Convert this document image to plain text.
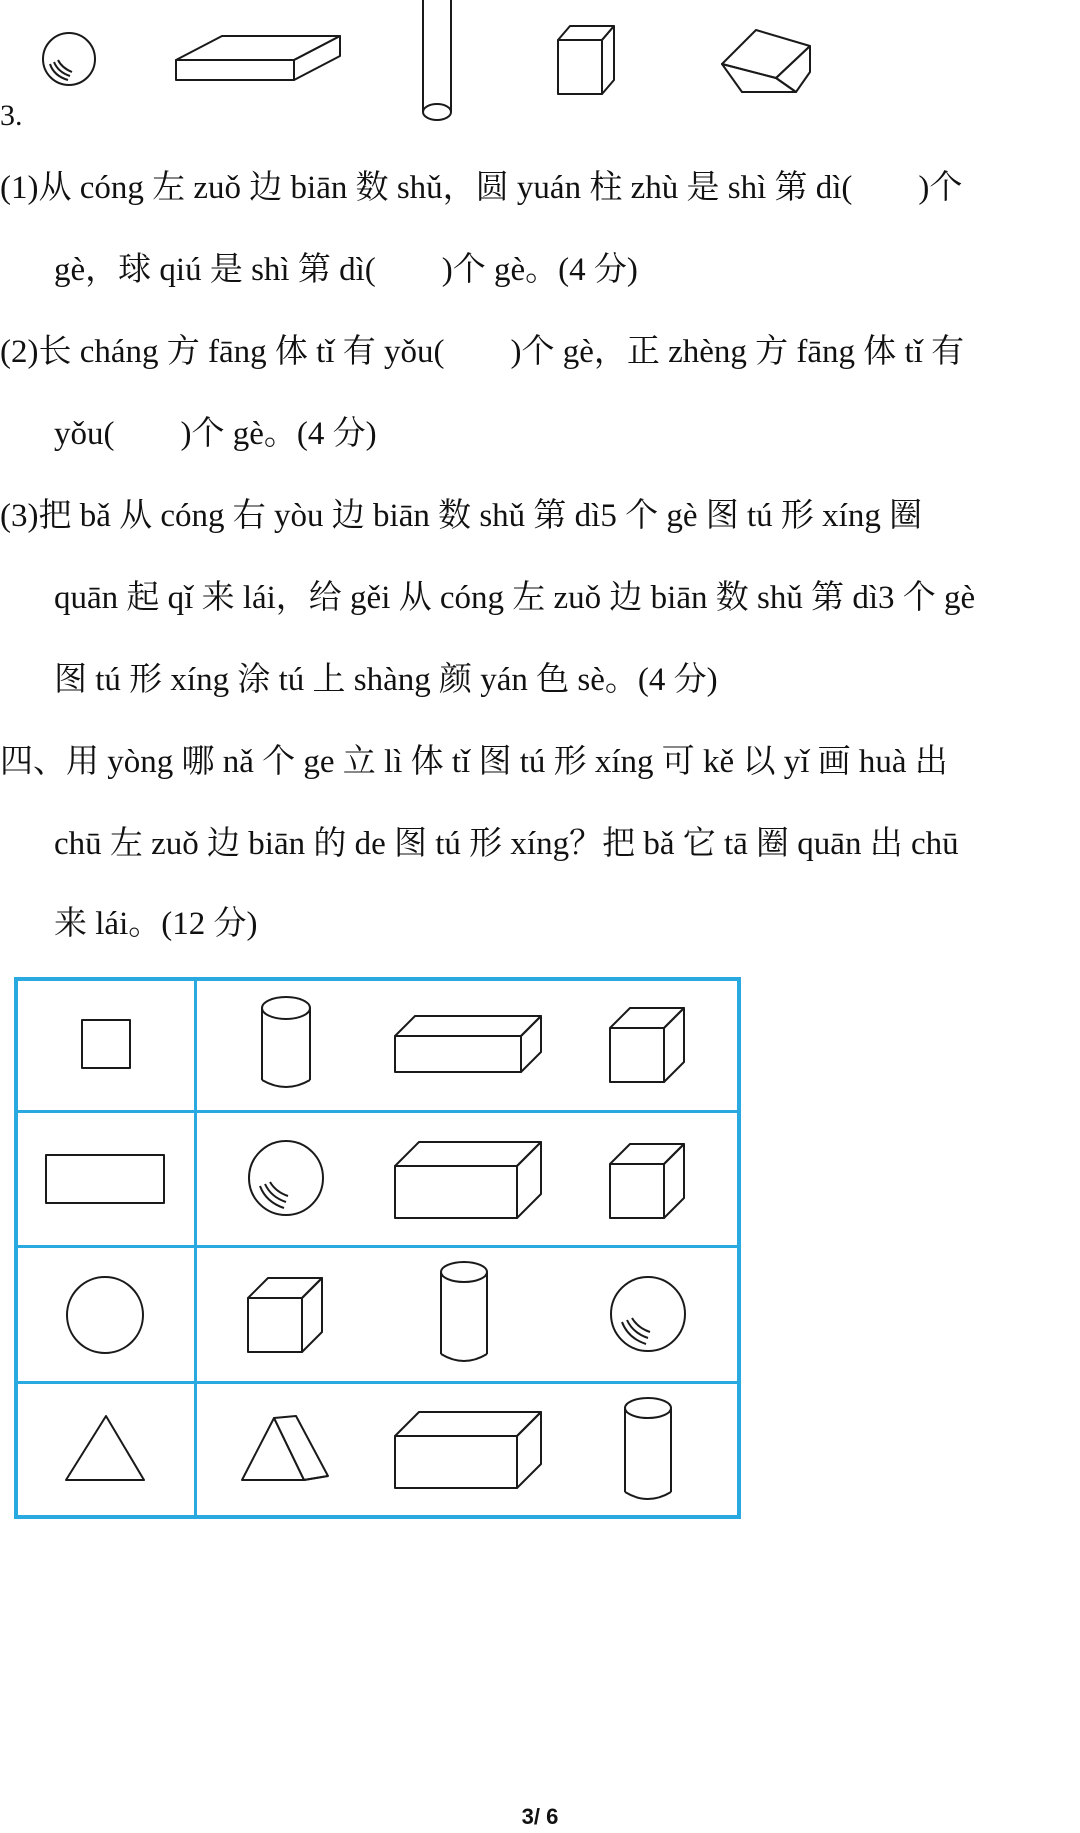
3.
(1)从 cóng 左 zuǒ 边 biān 数 shǔ，圆 yuán 柱 zhù 是 shì 第 dì(　　)个
gè，球 qiú 是 shì 第 dì(　　)个 gè。(4 分)
(2)长 cháng 方 fāng 体 tǐ 有 yǒu(　　)个 gè，正 zhèng 方 fāng 体 tǐ 有
yǒu(　　)个 gè。(4 分)
(3)把 bǎ 从 cóng 右 yòu 边 biān 数 shǔ 第 dì5 个 gè 图 tú 形 xíng 圈
quān 起 qǐ 来 lái，给 gěi 从 cóng 左 zuǒ 边 biān 数 shǔ 第 dì3 个 gè
图 tú 形 xíng 涂 tú 上 shàng 颜 yán 色 sè。(4 分)
四、用 yòng 哪 nǎ 个 ge 立 lì 体 tǐ 图 tú 形 xíng 可 kě 以 yǐ 画 huà 出
chū 左 zuǒ 边 biān 的 de 图 tú 形 xíng？把 bǎ 它 tā 圈 quān 出 chū
来 lái。(12 分)
3/ 6
